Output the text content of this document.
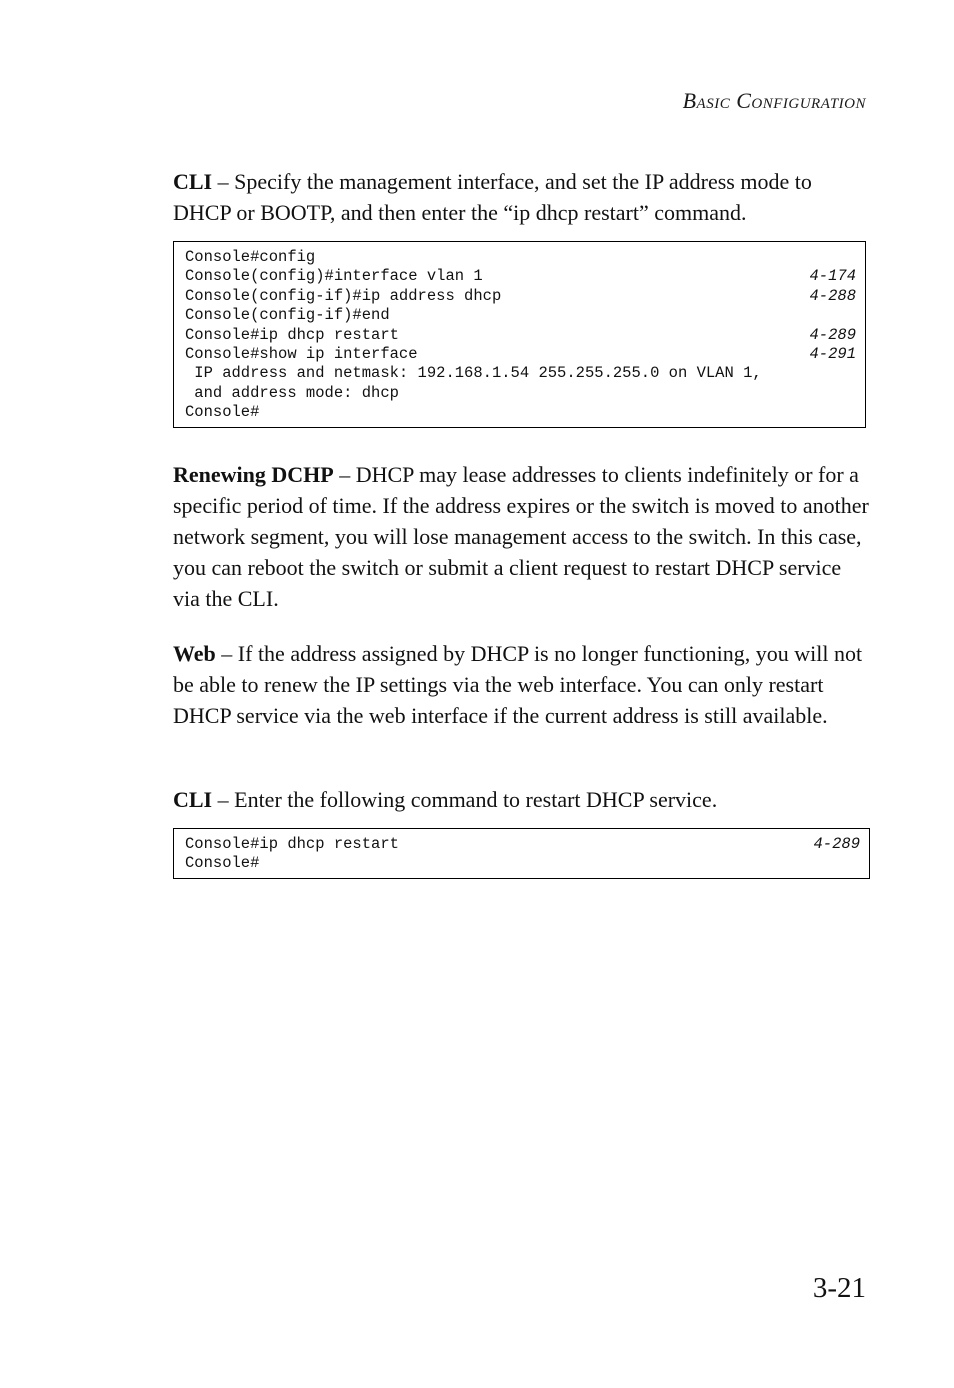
BASIC CONFIGURATION

CLI – Specify the management interface, and set the IP address mode to DHCP or BOOTP, and then enter the “ip dhcp restart” command.

Console#config
Console(config)#interface vlan 1	4-174
Console(config-if)#ip address dhcp	4-288
Console(config-if)#end
Console#ip dhcp restart	4-289
Console#show ip interface	4-291
IP address and netmask: 192.168.1.54 255.255.255.0 on VLAN 1,
and address mode: dhcp
Console#

Renewing DCHP – DHCP may lease addresses to clients indefinitely or for a specific period of time. If the address expires or the switch is moved to another network segment, you will lose management access to the switch. In this case, you can reboot the switch or submit a client request to restart DHCP service via the CLI.

Web – If the address assigned by DHCP is no longer functioning, you will not be able to renew the IP settings via the web interface. You can only restart DHCP service via the web interface if the current address is still available.

CLI – Enter the following command to restart DHCP service.

Console#ip dhcp restart	4-289
Console#
3-21
